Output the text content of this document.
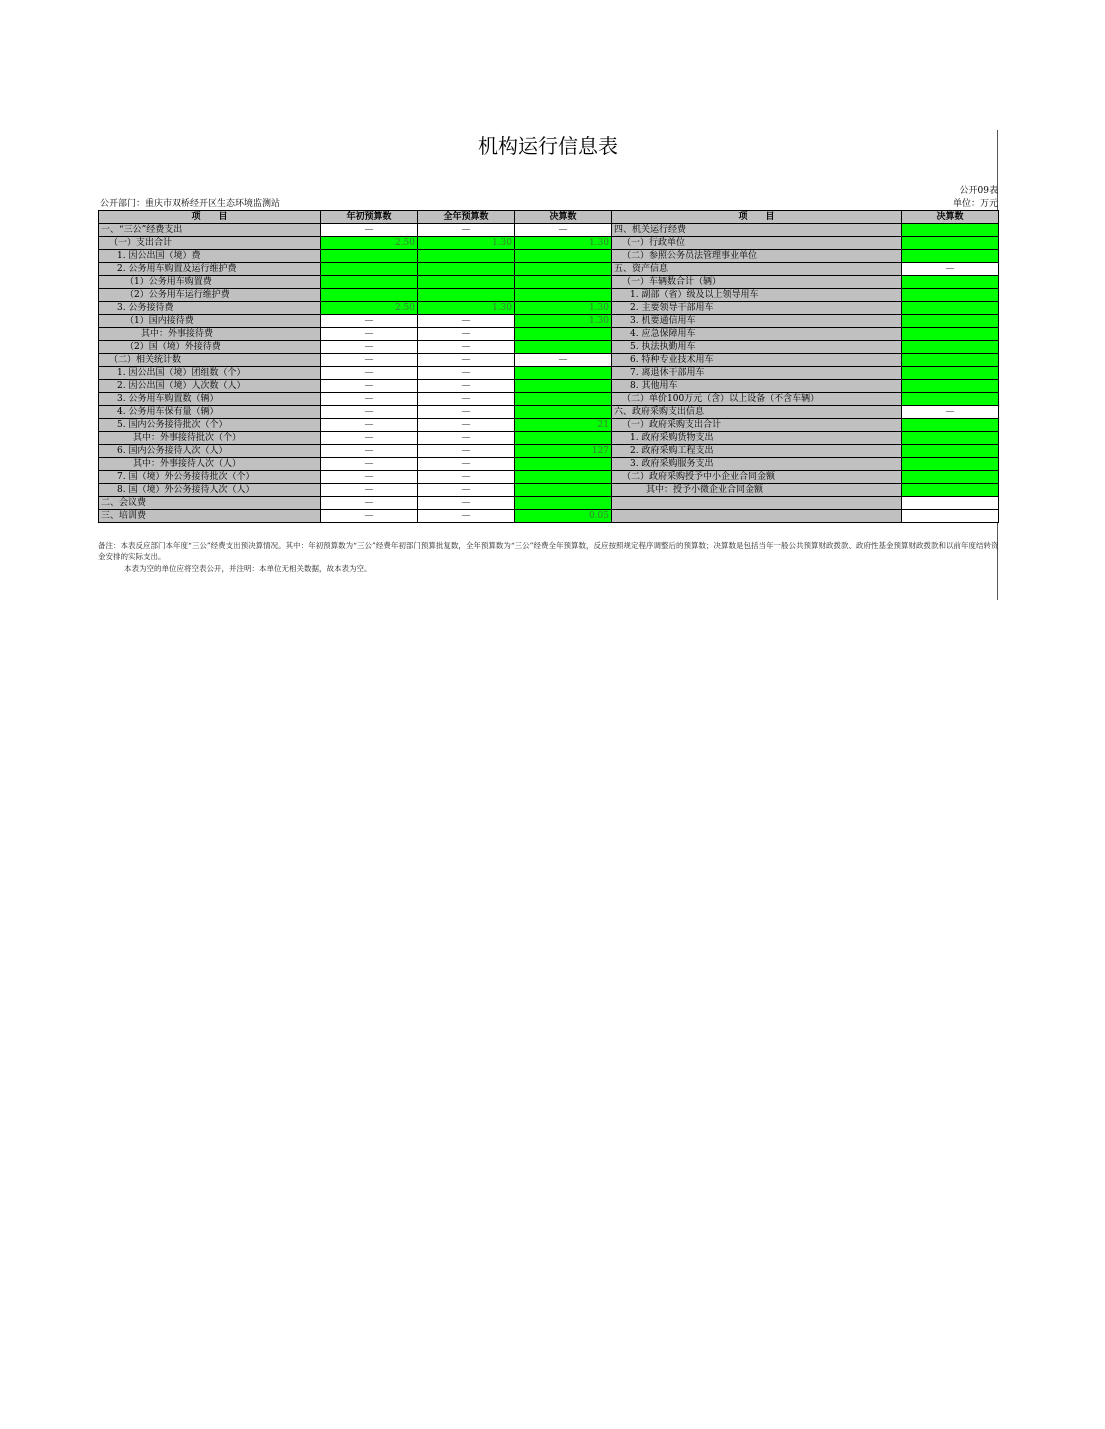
机构运行信息表
公开09表
公开部门：重庆市双桥经开区生态环境监测站	单位：万元
项　　目	年初预算数	全年预算数	决算数	项　　目	决算数
一、“三公”经费支出	—	—	—	四、机关运行经费	
（一）支出合计	2.50	1.30	1.30	（一）行政单位	
1. 因公出国（境）费				（二）参照公务员法管理事业单位	
2. 公务用车购置及运行维护费				五、资产信息	—
（1）公务用车购置费				（一）车辆数合计（辆）	
（2）公务用车运行维护费				1. 副部（省）级及以上领导用车	
3. 公务接待费	2.50	1.30	1.30	2. 主要领导干部用车	
（1）国内接待费	—	—	1.30	3. 机要通信用车	
其中：外事接待费	—	—		4. 应急保障用车	
（2）国（境）外接待费	—	—		5. 执法执勤用车	
（二）相关统计数	—	—	—	6. 特种专业技术用车	
1. 因公出国（境）团组数（个）	—	—		7. 离退休干部用车	
2. 因公出国（境）人次数（人）	—	—		8. 其他用车	
3. 公务用车购置数（辆）	—	—		（二）单价100万元（含）以上设备（不含车辆）	
4. 公务用车保有量（辆）	—	—		六、政府采购支出信息	—
5. 国内公务接待批次（个）	—	—	21	（一）政府采购支出合计	
其中：外事接待批次（个）	—	—		1. 政府采购货物支出	
6. 国内公务接待人次（人）	—	—	127	2. 政府采购工程支出	
其中：外事接待人次（人）	—	—		3. 政府采购服务支出	
7. 国（境）外公务接待批次（个）	—	—		（二）政府采购授予中小企业合同金额	
8. 国（境）外公务接待人次（人）	—	—		其中：授予小微企业合同金额	
二、会议费	—	—			
三、培训费	—	—	0.05		
备注：本表反应部门本年度“三公”经费支出预决算情况。其中：年初预算数为“三公”经费年初部门预算批复数，全年预算数为“三公”经费全年预算数，反应按照规定程序调整后的预算数；决算数是包括当年一般公共预算财政拨款、政府性基金预算财政拨款和以前年度结转资金安排的实际支出。
本表为空的单位应将空表公开，并注明：本单位无相关数据，故本表为空。
